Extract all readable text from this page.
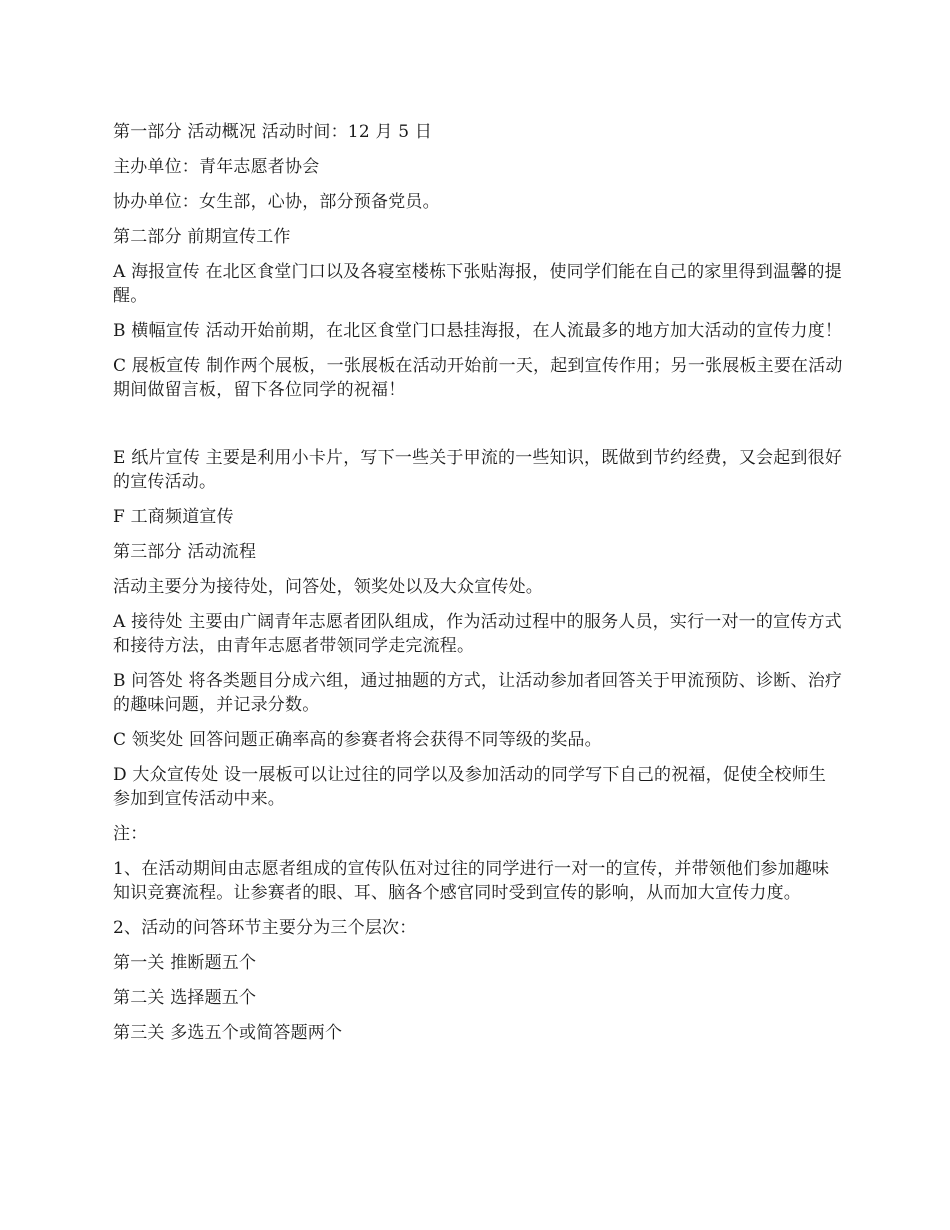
第一部分 活动概况 活动时间：12 月 5 日

主办单位：青年志愿者协会

协办单位：女生部，心协，部分预备党员。

第二部分 前期宣传工作

A 海报宣传 在北区食堂门口以及各寝室楼栋下张贴海报，使同学们能在自己的家里得到温馨的提醒。

B 横幅宣传 活动开始前期，在北区食堂门口悬挂海报，在人流最多的地方加大活动的宣传力度！

C 展板宣传 制作两个展板，一张展板在活动开始前一天，起到宣传作用；另一张展板主要在活动期间做留言板，留下各位同学的祝福！

E 纸片宣传 主要是利用小卡片，写下一些关于甲流的一些知识，既做到节约经费，又会起到很好的宣传活动。

F 工商频道宣传

第三部分 活动流程

活动主要分为接待处，问答处，领奖处以及大众宣传处。

A 接待处 主要由广阔青年志愿者团队组成，作为活动过程中的服务人员，实行一对一的宣传方式和接待方法，由青年志愿者带领同学走完流程。

B 问答处 将各类题目分成六组，通过抽题的方式，让活动参加者回答关于甲流预防、诊断、治疗的趣味问题，并记录分数。

C 领奖处 回答问题正确率高的参赛者将会获得不同等级的奖品。

D 大众宣传处 设一展板可以让过往的同学以及参加活动的同学写下自己的祝福，促使全校师生参加到宣传活动中来。

注：

1、在活动期间由志愿者组成的宣传队伍对过往的同学进行一对一的宣传，并带领他们参加趣味知识竞赛流程。让参赛者的眼、耳、脑各个感官同时受到宣传的影响，从而加大宣传力度。

2、活动的问答环节主要分为三个层次：

第一关 推断题五个

第二关 选择题五个

第三关 多选五个或简答题两个
